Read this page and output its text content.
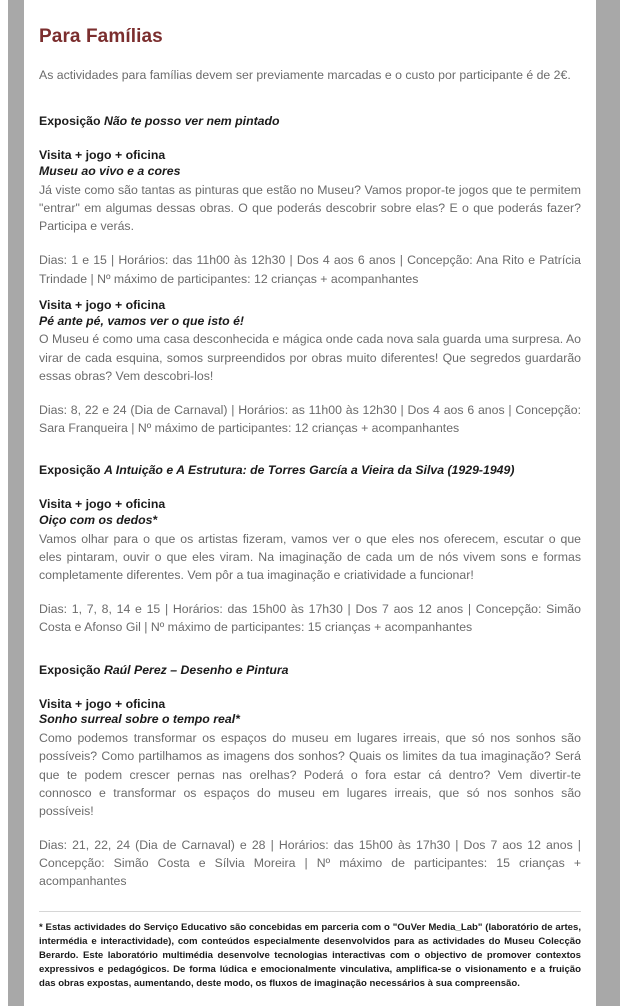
Para Famílias

As actividades para famílias devem ser previamente marcadas e o custo por participante é de 2€.

Exposição Não te posso ver nem pintado

Visita + jogo + oficina

Museu ao vivo e a cores

Já viste como são tantas as pinturas que estão no Museu? Vamos propor-te jogos que te permitem "entrar" em algumas dessas obras. O que poderás descobrir sobre elas? E o que poderás fazer? Participa e verás.

Dias: 1 e 15 | Horários: das 11h00 às 12h30 | Dos 4 aos 6 anos | Concepção: Ana Rito e Patrícia Trindade | Nº máximo de participantes: 12 crianças + acompanhantes

Visita + jogo + oficina

Pé ante pé, vamos ver o que isto é!

O Museu é como uma casa desconhecida e mágica onde cada nova sala guarda uma surpresa. Ao virar de cada esquina, somos surpreendidos por obras muito diferentes! Que segredos guardarão essas obras? Vem descobri-los!

Dias: 8, 22 e 24 (Dia de Carnaval) | Horários: as 11h00 às 12h30 | Dos 4 aos 6 anos | Concepção: Sara Franqueira | Nº máximo de participantes: 12 crianças + acompanhantes

Exposição A Intuição e A Estrutura: de Torres García a Vieira da Silva (1929-1949)

Visita + jogo + oficina

Oiço com os dedos*

Vamos olhar para o que os artistas fizeram, vamos ver o que eles nos oferecem, escutar o que eles pintaram, ouvir o que eles viram. Na imaginação de cada um de nós vivem sons e formas completamente diferentes. Vem pôr a tua imaginação e criatividade a funcionar!

Dias: 1, 7, 8, 14 e 15 | Horários: das 15h00 às 17h30 | Dos 7 aos 12 anos | Concepção: Simão Costa e Afonso Gil | Nº máximo de participantes: 15 crianças + acompanhantes

Exposição Raúl Perez – Desenho e Pintura

Visita + jogo + oficina

Sonho surreal sobre o tempo real*

Como podemos transformar os espaços do museu em lugares irreais, que só nos sonhos são possíveis? Como partilhamos as imagens dos sonhos? Quais os limites da tua imaginação? Será que te podem crescer pernas nas orelhas? Poderá o fora estar cá dentro? Vem divertir-te connosco e transformar os espaços do museu em lugares irreais, que só nos sonhos são possíveis!

Dias: 21, 22, 24 (Dia de Carnaval) e 28 | Horários: das 15h00 às 17h30 | Dos 7 aos 12 anos | Concepção: Simão Costa e Sílvia Moreira | Nº máximo de participantes: 15 crianças + acompanhantes

* Estas actividades do Serviço Educativo são concebidas em parceria com o "OuVer Media_Lab" (laboratório de artes, intermédia e interactividade), com conteúdos especialmente desenvolvidos para as actividades do Museu Colecção Berardo. Este laboratório multimédia desenvolve tecnologias interactivas com o objectivo de promover contextos expressivos e pedagógicos. De forma lúdica e emocionalmente vinculativa, amplifica-se o visionamento e a fruição das obras expostas, aumentando, deste modo, os fluxos de imaginação necessários à sua compreensão.
